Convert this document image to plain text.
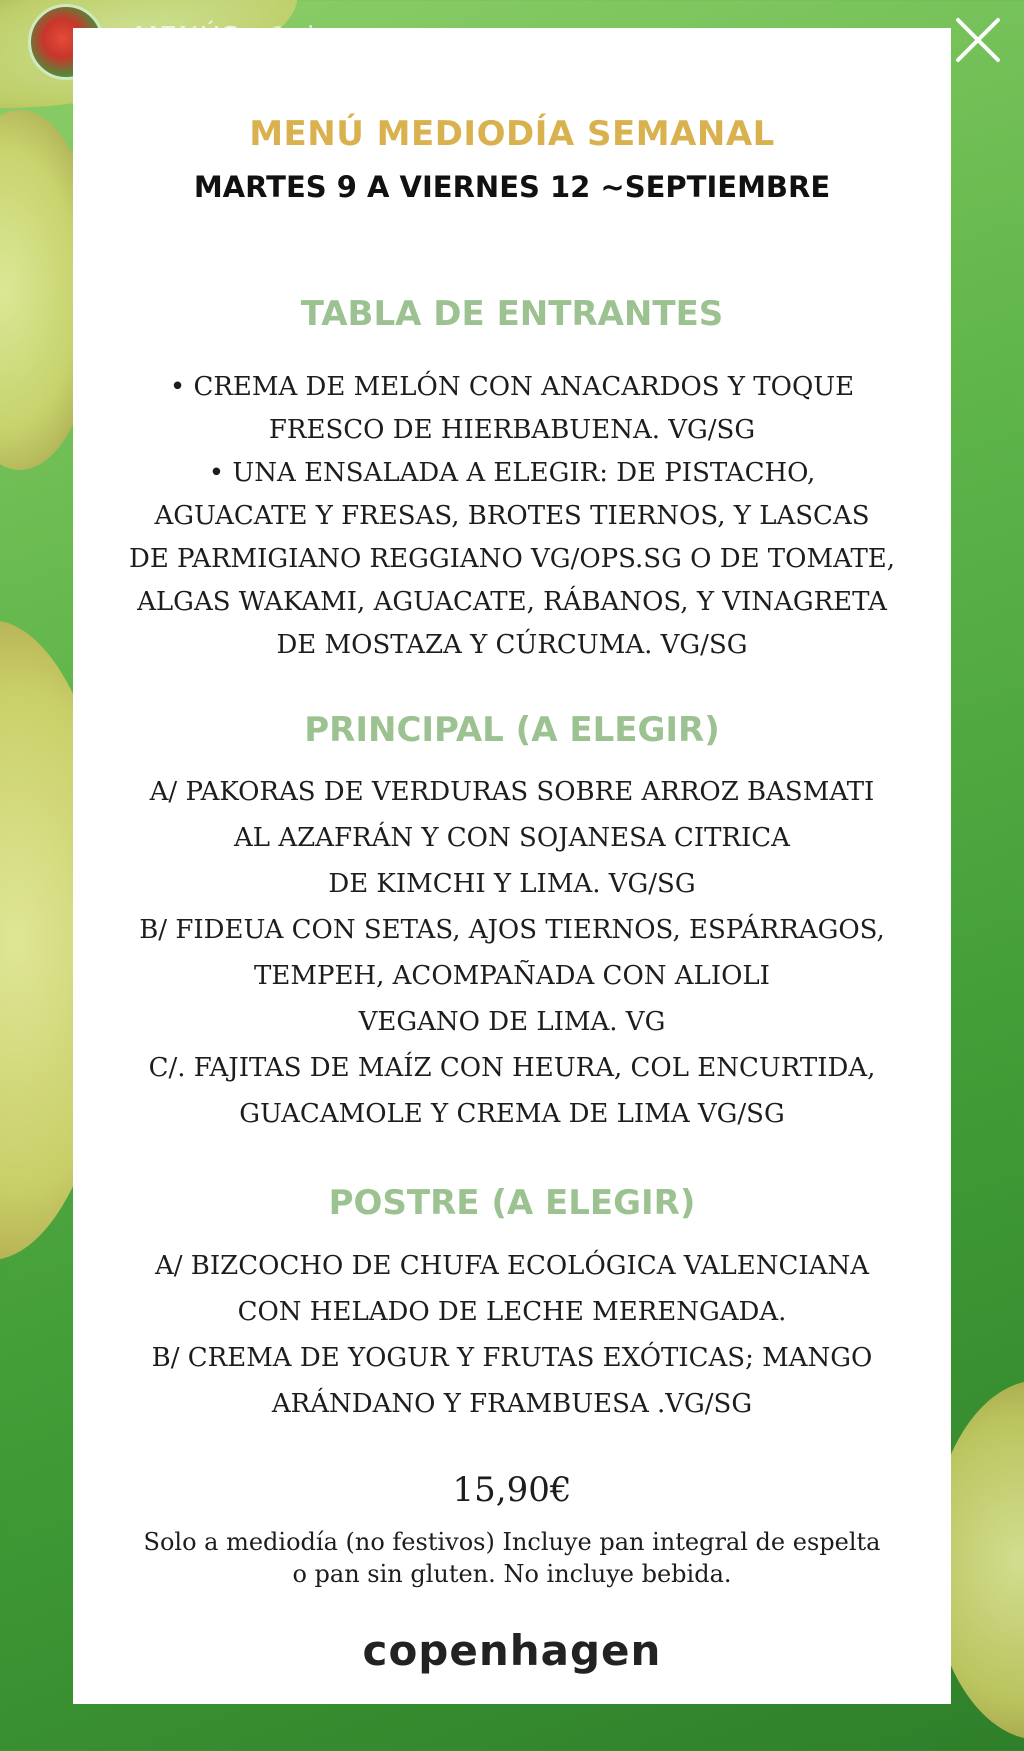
MENÚ MEDIODÍA SEMANAL
MARTES 9 A VIERNES 12 ~SEPTIEMBRE
TABLA DE ENTRANTES
• CREMA DE MELÓN CON ANACARDOS Y TOQUE
FRESCO DE HIERBABUENA. VG/SG
• UNA ENSALADA A ELEGIR: DE PISTACHO,
AGUACATE Y FRESAS, BROTES TIERNOS, Y LASCAS
DE PARMIGIANO REGGIANO VG/OPS.SG O DE TOMATE,
ALGAS WAKAMI, AGUACATE, RÁBANOS, Y VINAGRETA
DE MOSTAZA Y CÚRCUMA. VG/SG
PRINCIPAL (A ELEGIR)
A/ PAKORAS DE VERDURAS SOBRE ARROZ BASMATI
AL AZAFRÁN Y CON SOJANESA CITRICA
DE KIMCHI Y LIMA. VG/SG
B/ FIDEUA CON SETAS, AJOS TIERNOS, ESPÁRRAGOS,
TEMPEH, ACOMPAÑADA CON ALIOLI
VEGANO DE LIMA. VG
C/. FAJITAS DE MAÍZ CON HEURA, COL ENCURTIDA,
GUACAMOLE Y CREMA DE LIMA VG/SG
POSTRE (A ELEGIR)
A/ BIZCOCHO DE CHUFA ECOLÓGICA VALENCIANA
CON HELADO DE LECHE MERENGADA.
B/ CREMA DE YOGUR Y FRUTAS EXÓTICAS; MANGO
ARÁNDANO Y FRAMBUESA .VG/SG
15,90€
Solo a mediodía (no festivos) Incluye pan integral de espelta
o pan sin gluten. No incluye bebida.
copenhagen
